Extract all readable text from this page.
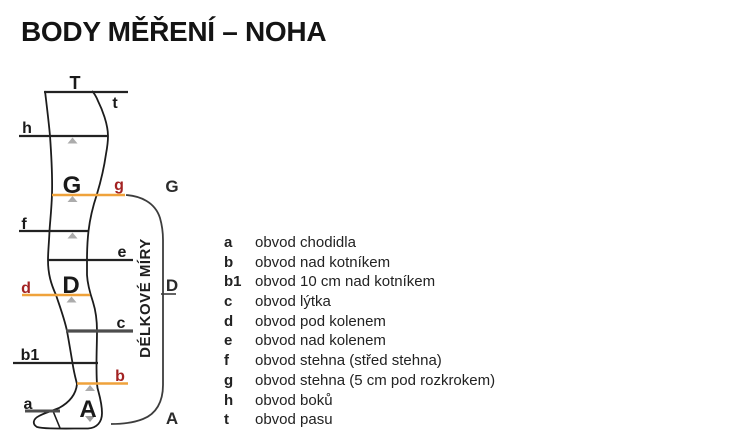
BODY MĚŘENÍ – NOHA
T
G
D
A
t
h
f
e
c
b1
a
g
d
b
G
D
A
DÉLKOVÉ MÍRY	a	obvod chodidla
b	obvod nad kotníkem
b1 obvod 10 cm nad kotníkem
c	obvod lýtka
d	obvod pod kolenem
e	obvod nad kolenem
f	obvod stehna (střed stehna)
g	obvod stehna (5 cm pod rozkrokem)
h	obvod boků
t	obvod pasu
